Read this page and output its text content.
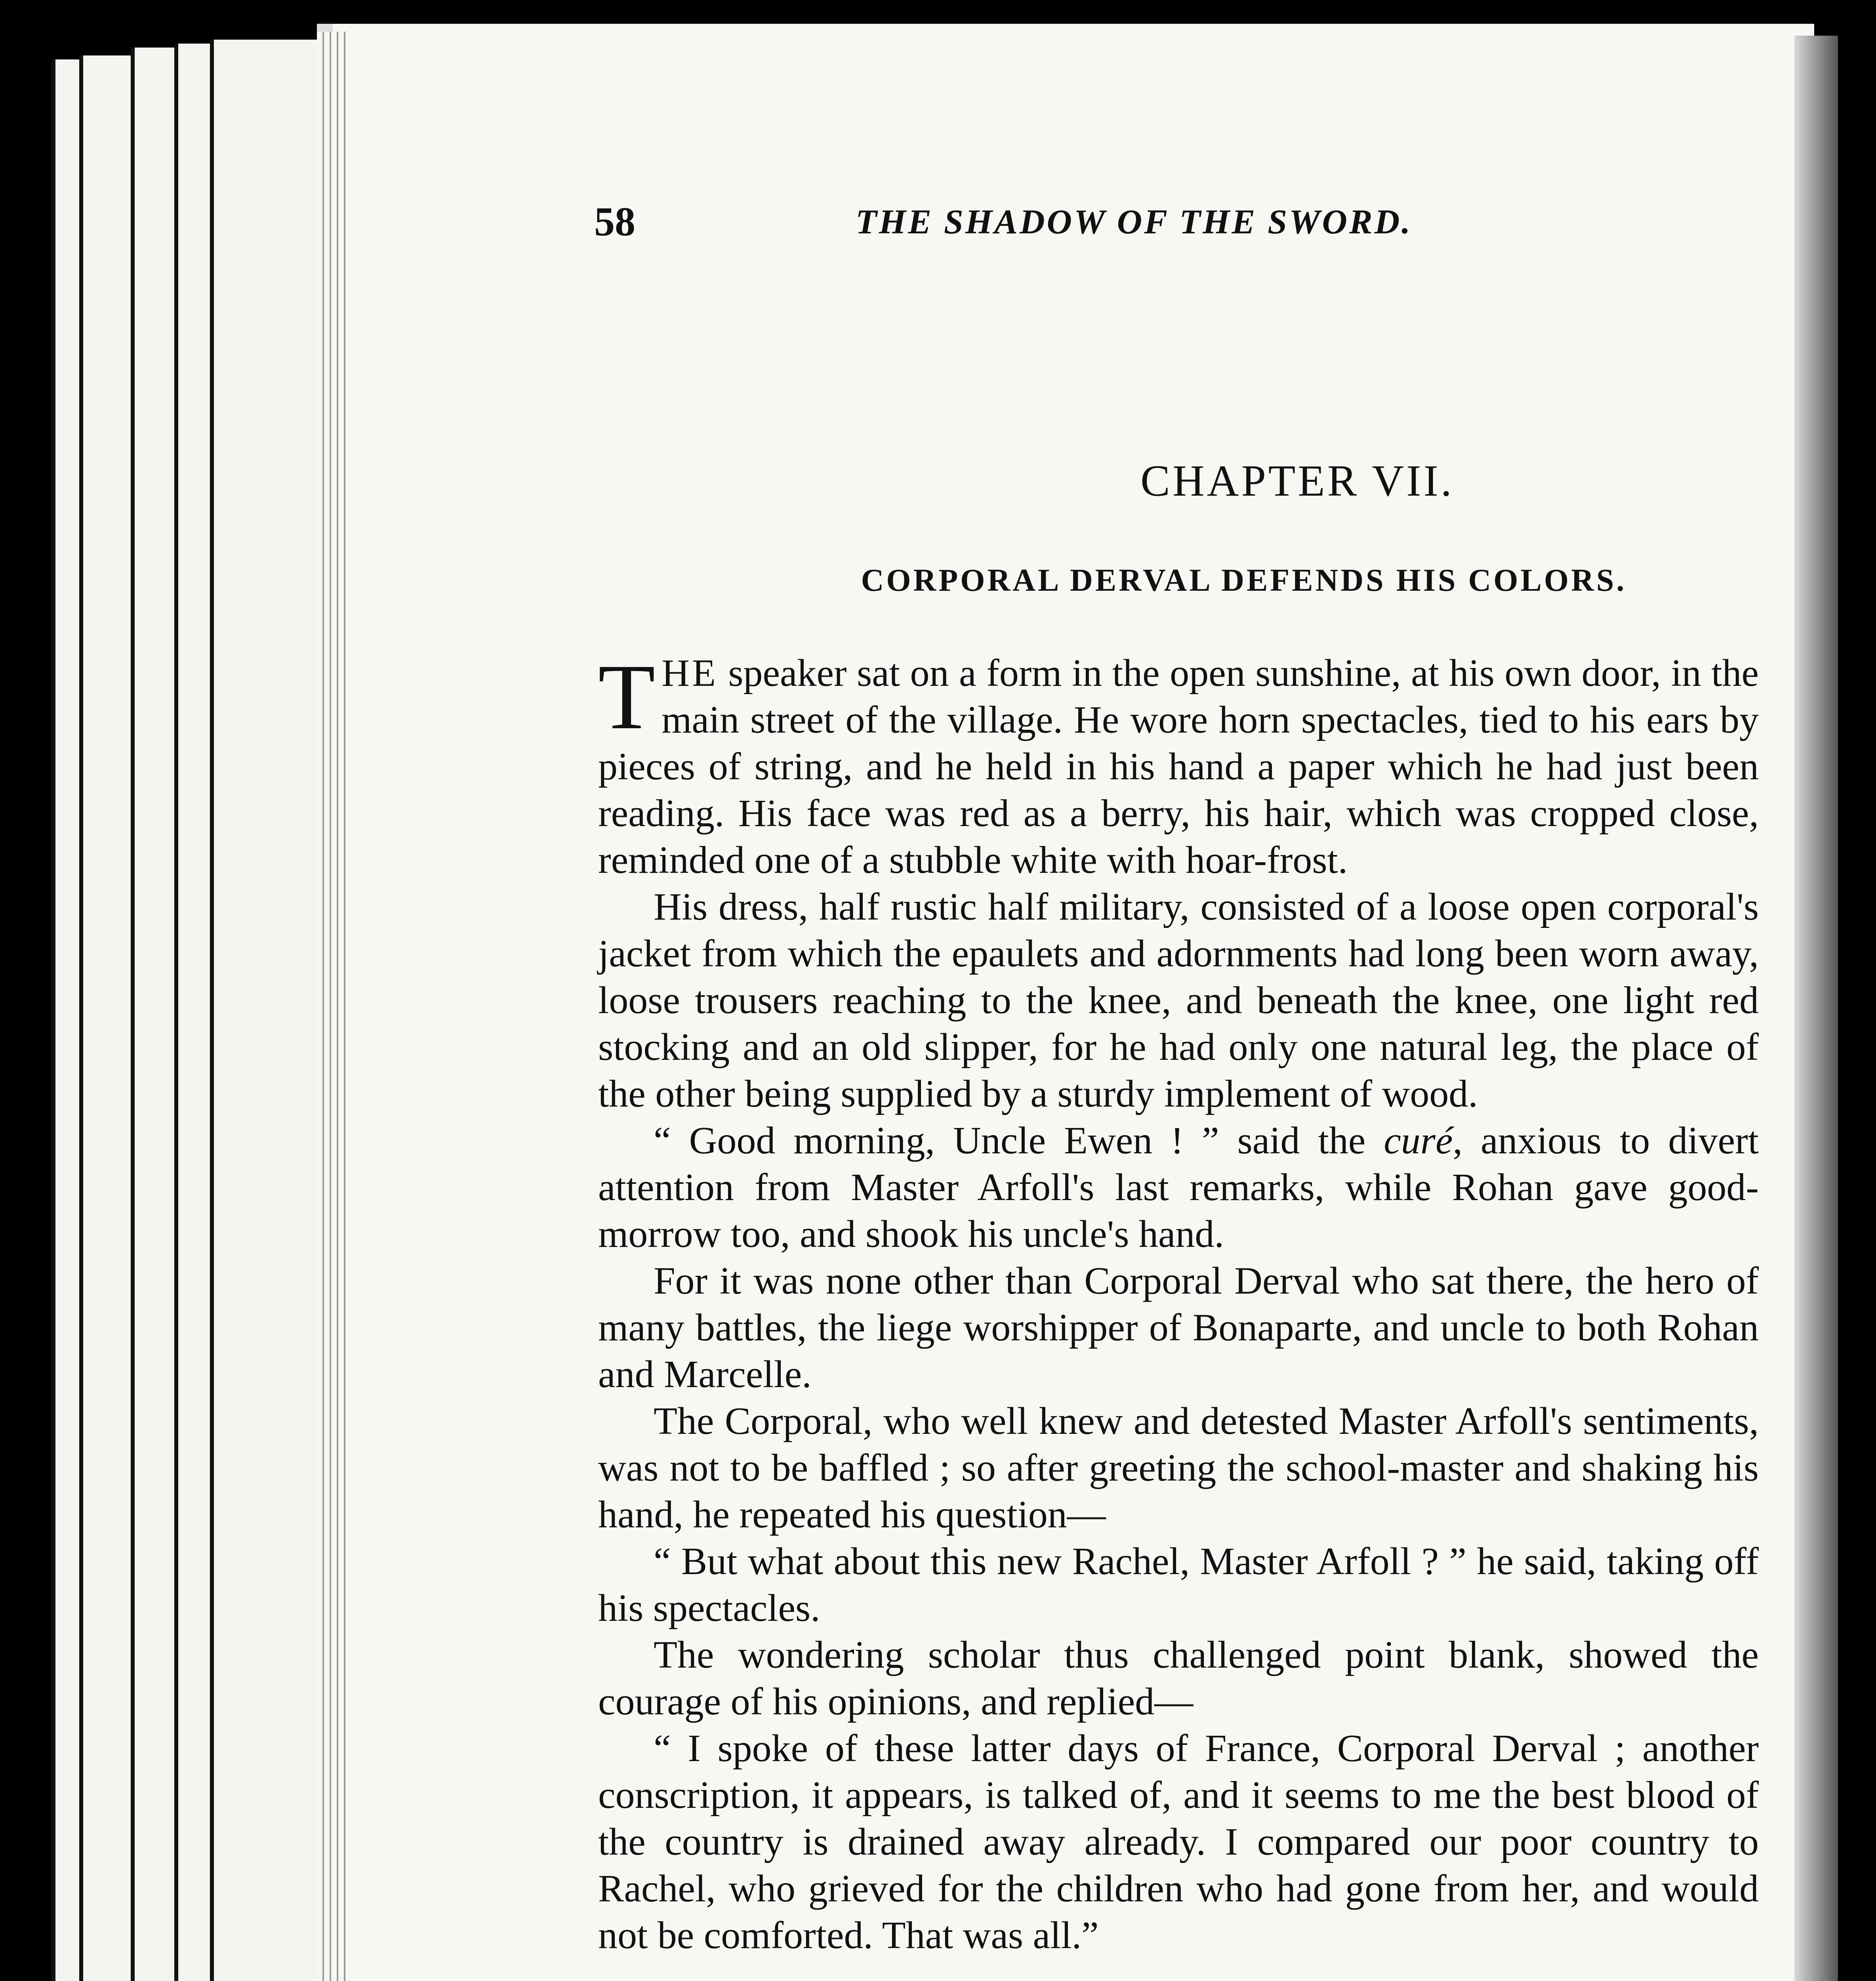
58	THE SHADOW OF THE SWORD.
CHAPTER VII.
CORPORAL DERVAL DEFENDS HIS COLORS.

THE speaker sat on a form in the open sunshine, at his own door, in the main street of the village. He wore horn spectacles, tied to his ears by pieces of string, and he held in his hand a paper which he had just been reading. His face was red as a berry, his hair, which was cropped close, reminded one of a stubble white with hoar-frost.

His dress, half rustic half military, consisted of a loose open corporal's jacket from which the epaulets and adornments had long been worn away, loose trousers reaching to the knee, and beneath the knee, one light red stocking and an old slipper, for he had only one natural leg, the place of the other being supplied by a sturdy implement of wood.

“ Good morning, Uncle Ewen ! ” said the curé, anxious to divert attention from Master Arfoll's last remarks, while Rohan gave good-morrow too, and shook his uncle's hand.

For it was none other than Corporal Derval who sat there, the hero of many battles, the liege worshipper of Bonaparte, and uncle to both Rohan and Marcelle.

The Corporal, who well knew and detested Master Arfoll's sentiments, was not to be baffled ; so after greeting the school-master and shaking his hand, he repeated his question—

“ But what about this new Rachel, Master Arfoll ? ” he said, taking off his spectacles.

The wondering scholar thus challenged point blank, showed the courage of his opinions, and replied—

“ I spoke of these latter days of France, Corporal Derval ; another conscription, it appears, is talked of, and it seems to me the best blood of the country is drained away already. I compared our poor country to Rachel, who grieved for the children who had gone from her, and would not be comforted. That was all.”
